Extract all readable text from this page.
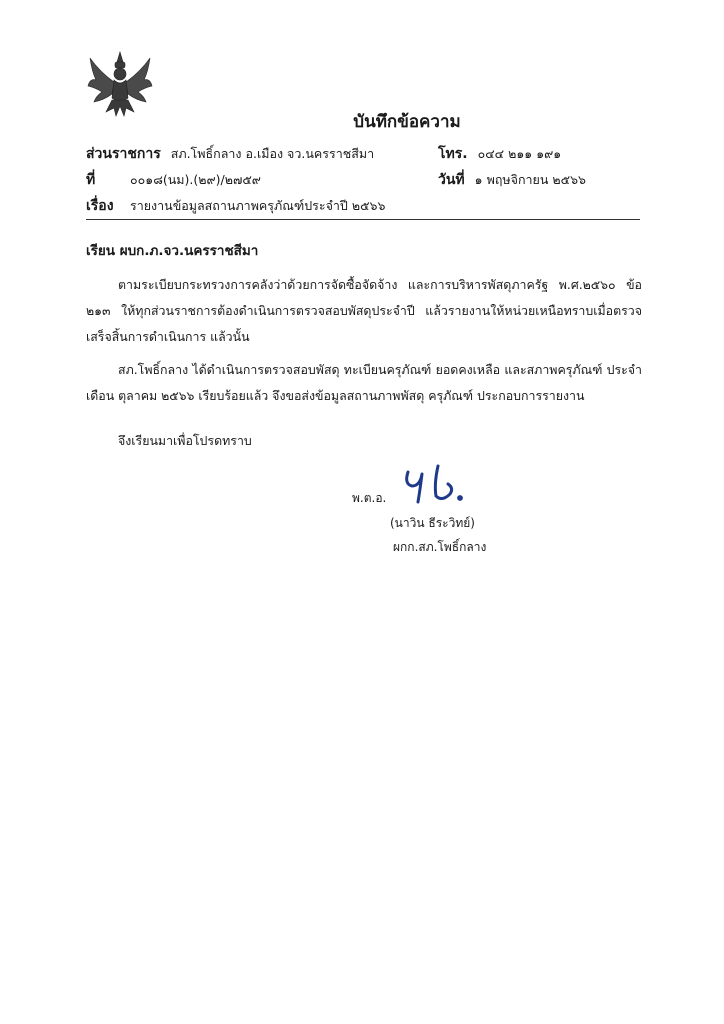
บันทึกข้อความ
ส่วนราชการ สภ.โพธิ์กลาง อ.เมือง จว.นครราชสีมา	โทร. ๐๔๔ ๒๑๑ ๑๙๑
ที่	๐๐๑๘(นม).(๒๙)/๒๗๕๙	วันที่ ๑ พฤษจิกายน ๒๕๖๖
เรื่อง รายงานข้อมูลสถานภาพครุภัณฑ์ประจำปี ๒๕๖๖
เรียน ผบก.ภ.จว.นครราชสีมา
ตามระเบียบกระทรวงการคลังว่าด้วยการจัดซื้อจัดจ้าง และการบริหารพัสดุภาครัฐ พ.ศ.๒๕๖๐ ข้อ ๒๑๓ ให้ทุกส่วนราชการต้องดำเนินการตรวจสอบพัสดุประจำปี แล้วรายงานให้หน่วยเหนือทราบเมื่อตรวจเสร็จสิ้นการดำเนินการ แล้วนั้น
สภ.โพธิ์กลาง ได้ดำเนินการตรวจสอบพัสดุ ทะเบียนครุภัณฑ์ ยอดคงเหลือ และสภาพครุภัณฑ์ ประจำเดือน ตุลาคม ๒๕๖๖ เรียบร้อยแล้ว จึงขอส่งข้อมูลสถานภาพพัสดุ ครุภัณฑ์ ประกอบการรายงาน
จึงเรียนมาเพื่อโปรดทราบ
พ.ต.อ.
(นาวิน ธีระวิทย์)
ผกก.สภ.โพธิ์กลาง
